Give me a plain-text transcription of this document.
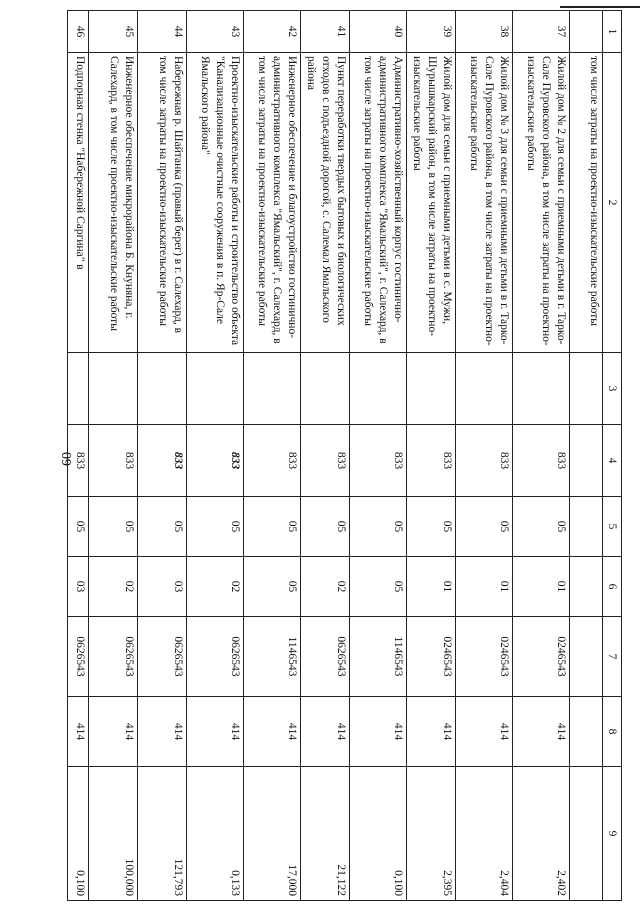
60
1	2	3	4	5	6	7	8	9
	том числе затраты на проектно-изыскательские работы							
37	Жилой дом № 2 для семьи с приемными детьми в г. Тарко-Сале Пуровского района, в том числе затраты на проектно-изыскательские работы		833	05	01	0246543	414	2,402
38	Жилой дом № 3 для семьи с приемными детьми в г. Тарко-Сале Пуровского района, в том числе затраты на проектно-изыскательские работы		833	05	01	0246543	414	2,404
39	Жилой дом для семьи с приемными детьми в с. Мужи, Шурышкарский район, в том числе затраты на проектно-изыскательские работы		833	05	01	0246543	414	2,395
40	Административно-хозяйственный корпус гостинично-административного комплекса "Ямальский", г. Салехард, в том числе затраты на проектно-изыскательские работы		833	05	05	1146543	414	0,100
41	Пункт переработки твердых бытовых и биологических отходов с подъездной дорогой, с. Салемал Ямальского района		833	05	02	0626543	414	21,122
42	Инженерное обеспечение и благоустройство гостинично-административного комплекса "Ямальский", г. Салехард, в том числе затраты на проектно-изыскательские работы		833	05	05	1146543	414	17,000
43	Проектно-изыскательские работы и строительство объекта "Канализационные очистные сооружения в п. Яр-Сале Ямальского района"		833	05	02	0626543	414	0,133
44	Набережная р. Шайтанка (правый берег) в г. Салехард, в том числе затраты на проектно-изыскательские работы		833	05	03	0626543	414	121,793
45	Инженерное обеспечение микрорайона Б. Кнуняна, г. Салехард, в том числе проектно-изыскательские работы		833	05	02	0626543	414	100,000
46	Подпорная стенка "Набережной Саргина" в		833	05	03	0626543	414	0,100
